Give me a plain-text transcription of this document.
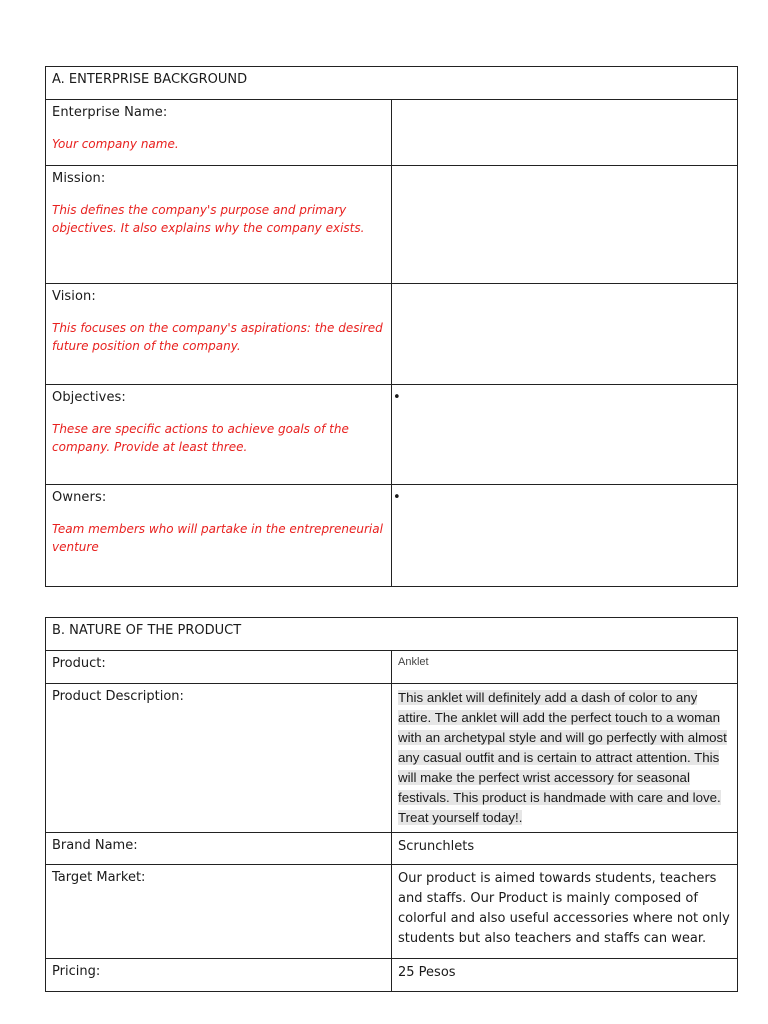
A. ENTERPRISE BACKGROUND	

Enterprise Name:
Your company name.	

Mission:
This defines the company's purpose and primary objectives. It also explains why the company exists.	

Vision:
This focuses on the company's aspirations: the desired future position of the company.	

Objectives:
These are specific actions to achieve goals of the company. Provide at least three.	•

Owners:
Team members who will partake in the entrepreneurial venture	•
B. NATURE OF THE PRODUCT	
Product:	Anklet
Product Description:	This anklet will definitely add a dash of color to any attire. The anklet will add the perfect touch to a woman with an archetypal style and will go perfectly with almost any casual outfit and is certain to attract attention. This will make the perfect wrist accessory for seasonal festivals. This product is handmade with care and love. Treat yourself today!.
Brand Name:	Scrunchlets
Target Market:	Our product is aimed towards students, teachers and staffs. Our Product is mainly composed of colorful and also useful accessories where not only students but also teachers and staffs can wear.
Pricing:	25 Pesos
